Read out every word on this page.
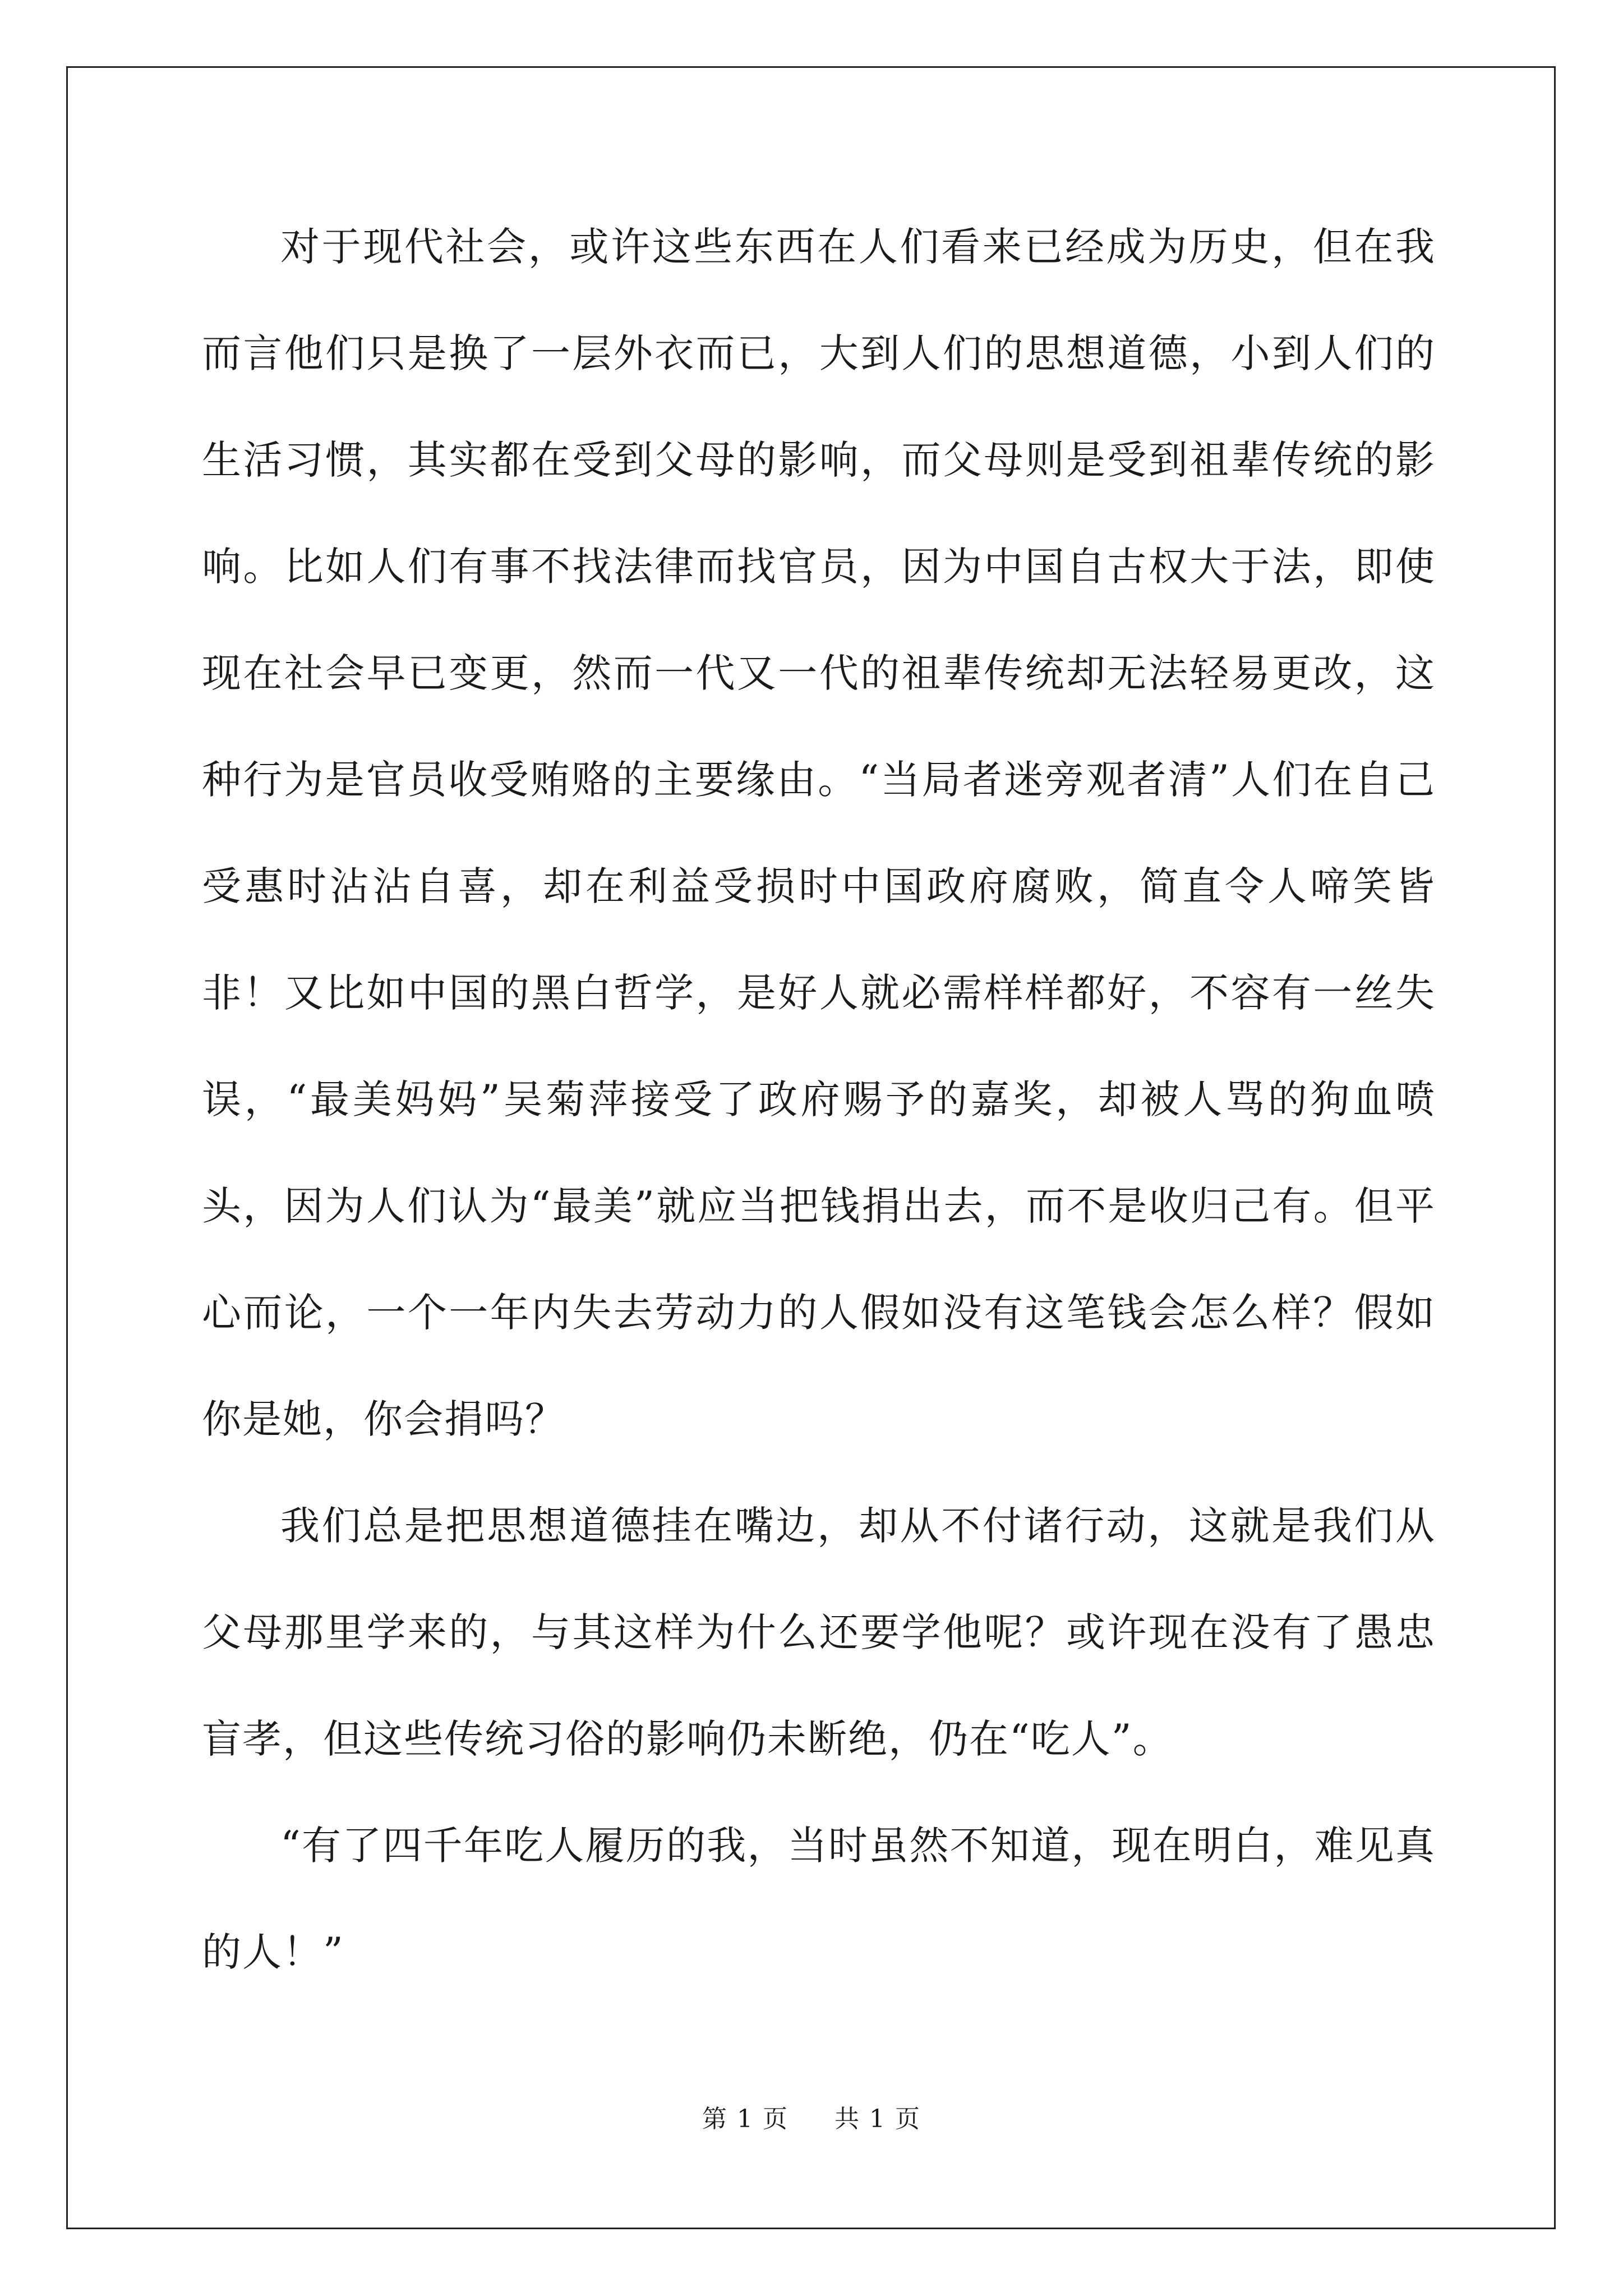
对于现代社会，或许这些东西在人们看来已经成为历史，但在我而言他们只是换了一层外衣而已，大到人们的思想道德，小到人们的生活习惯，其实都在受到父母的影响，而父母则是受到祖辈传统的影响。比如人们有事不找法律而找官员，因为中国自古权大于法，即使现在社会早已变更，然而一代又一代的祖辈传统却无法轻易更改，这种行为是官员收受贿赂的主要缘由。“当局者迷旁观者清”人们在自己受惠时沾沾自喜，却在利益受损时中国政府腐败，简直令人啼笑皆非！又比如中国的黑白哲学，是好人就必需样样都好，不容有一丝失误，“最美妈妈”吴菊萍接受了政府赐予的嘉奖，却被人骂的狗血喷头，因为人们认为“最美”就应当把钱捐出去，而不是收归己有。但平心而论，一个一年内失去劳动力的人假如没有这笔钱会怎么样？假如你是她，你会捐吗？

我们总是把思想道德挂在嘴边，却从不付诸行动，这就是我们从父母那里学来的，与其这样为什么还要学他呢？或许现在没有了愚忠盲孝，但这些传统习俗的影响仍未断绝，仍在“吃人”。

“有了四千年吃人履历的我，当时虽然不知道，现在明白，难见真的人！”

第 1 页 共 1 页
